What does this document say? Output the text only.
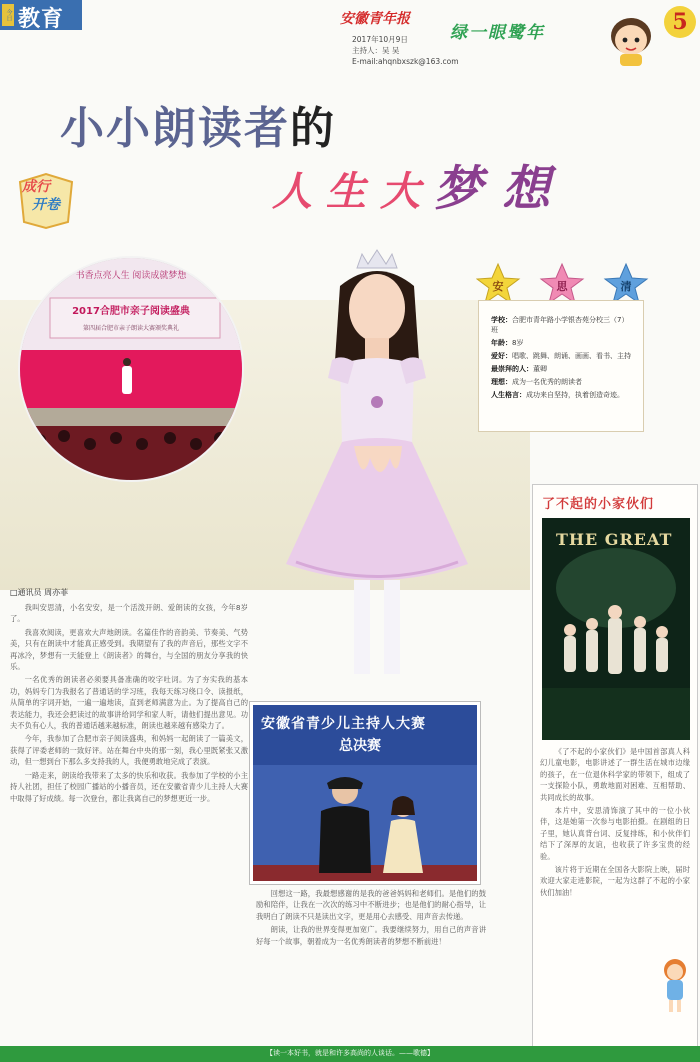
今日 教育	安徽青年报
2017年10月9日
主持人：吴 吴
E-mail:ahqnbxszk@163.com
绿一眼鹭年	5
小小朗读者的
人生大梦想
成行
开卷
书香点亮人生 阅读成就梦想
2017合肥市亲子阅读盛典
第四届合肥市亲子朗读大赛颁奖典礼
安	思	清

学校：合肥市青年路小学银杏苑分校三（7）班

年龄：8岁

爱好：唱歌、跳舞、朗诵、画画、看书、主持

最崇拜的人：董卿

理想：成为一名优秀的朗读者

人生格言：成功来自坚持，执着创造奇迹。

□通讯员 周亦菲

我叫安思清，小名安安，是一个活泼开朗、爱朗读的女孩，今年8岁了。

我喜欢阅读，更喜欢大声地朗读。名篇佳作的音韵美、节奏美、气势美，只有在朗读中才能真正感受到。我期望有了我的声音后，那些文字不再冰冷，梦想有一天能登上《朗读者》的舞台，与全国的朋友分享我的快乐。

一名优秀的朗读者必须要具备准确的咬字吐词。为了夯实我的基本功，妈妈专门为我报名了普通话的学习班，我每天练习绕口令、读报纸，从简单的字词开始，一遍一遍地读，直到老师满意为止。为了提高自己的表达能力，我还会把读过的故事讲给同学和家人听，请他们提出意见。功夫不负有心人，我的普通话越来越标准，朗读也越来越有感染力了。

今年，我参加了合肥市亲子阅读盛典，和妈妈一起朗读了一篇美文，获得了评委老师的一致好评。站在舞台中央的那一刻，我心里既紧张又激动，但一想到台下那么多支持我的人，我便勇敢地完成了表演。

一路走来，朗读给我带来了太多的快乐和收获。我参加了学校的小主持人社团，担任了校园广播站的小播音员，还在安徽省青少儿主持人大赛中取得了好成绩。每一次登台，都让我离自己的梦想更近一步。

安徽省青少儿主持人大赛
总决赛

回想这一路，我最想感谢的是我的爸爸妈妈和老师们。是他们的鼓励和陪伴，让我在一次次的练习中不断进步；也是他们的耐心指导，让我明白了朗读不只是读出文字，更是用心去感受、用声音去传递。

朗读，让我的世界变得更加宽广。我要继续努力，用自己的声音讲好每一个故事，朝着成为一名优秀朗读者的梦想不断前进！

了不起的小家伙们
THE GREAT

《了不起的小家伙们》是中国首部真人科幻儿童电影，电影讲述了一群生活在城市边缘的孩子，在一位退休科学家的带领下，组成了一支探险小队，勇敢地面对困难、互相帮助、共同成长的故事。

本片中，安思清饰演了其中的一位小伙伴，这是她第一次参与电影拍摄。在剧组的日子里，她认真背台词、反复排练，和小伙伴们结下了深厚的友谊，也收获了许多宝贵的经验。

该片将于近期在全国各大影院上映，届时欢迎大家走进影院，一起为这群了不起的小家伙们加油！

【读一本好书，就是和许多高尚的人谈话。——歌德】
